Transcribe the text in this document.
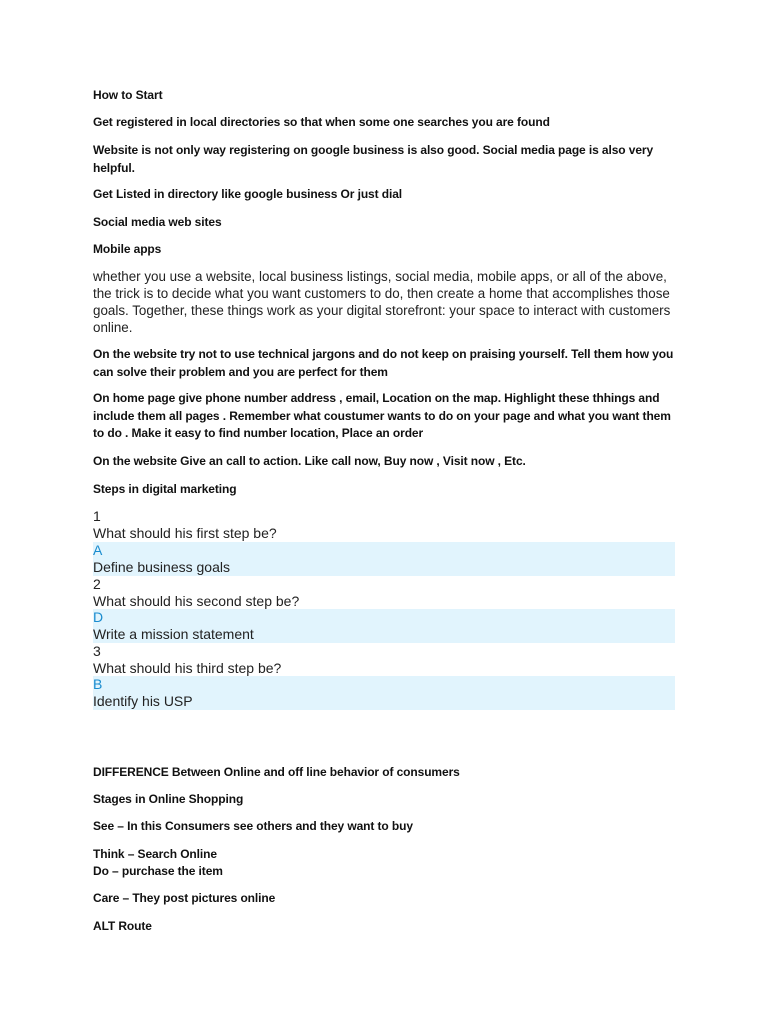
How to Start

Get registered in local directories so that when some one searches you are found

Website is not only way registering on google business is also good. Social media page is also very helpful.

Get Listed in directory like google business Or just dial

Social media web sites

Mobile apps

whether you use a website, local business listings, social media, mobile apps, or all of the above, the trick is to decide what you want customers to do, then create a home that accomplishes those goals. Together, these things work as your digital storefront: your space to interact with customers online.

On the website try not to use technical jargons and do not keep on praising yourself. Tell them how you can solve their problem and you are perfect for them

On home page give phone number address , email, Location on the map. Highlight these thhings and include them all pages . Remember what coustumer wants to do on your page and what you want them to do . Make it easy to find number location, Place an order

On the website Give an call to action. Like call now, Buy now , Visit now , Etc.

Steps in digital marketing

1
What should his first step be?
A
Define business goals
2
What should his second step be?
D
Write a mission statement
3
What should his third step be?
B
Identify his USP

DIFFERENCE Between Online and off line behavior of consumers

Stages in Online Shopping

See – In this Consumers see others and they want to buy

Think – Search Online

Do – purchase the item

Care – They post pictures online

ALT Route
